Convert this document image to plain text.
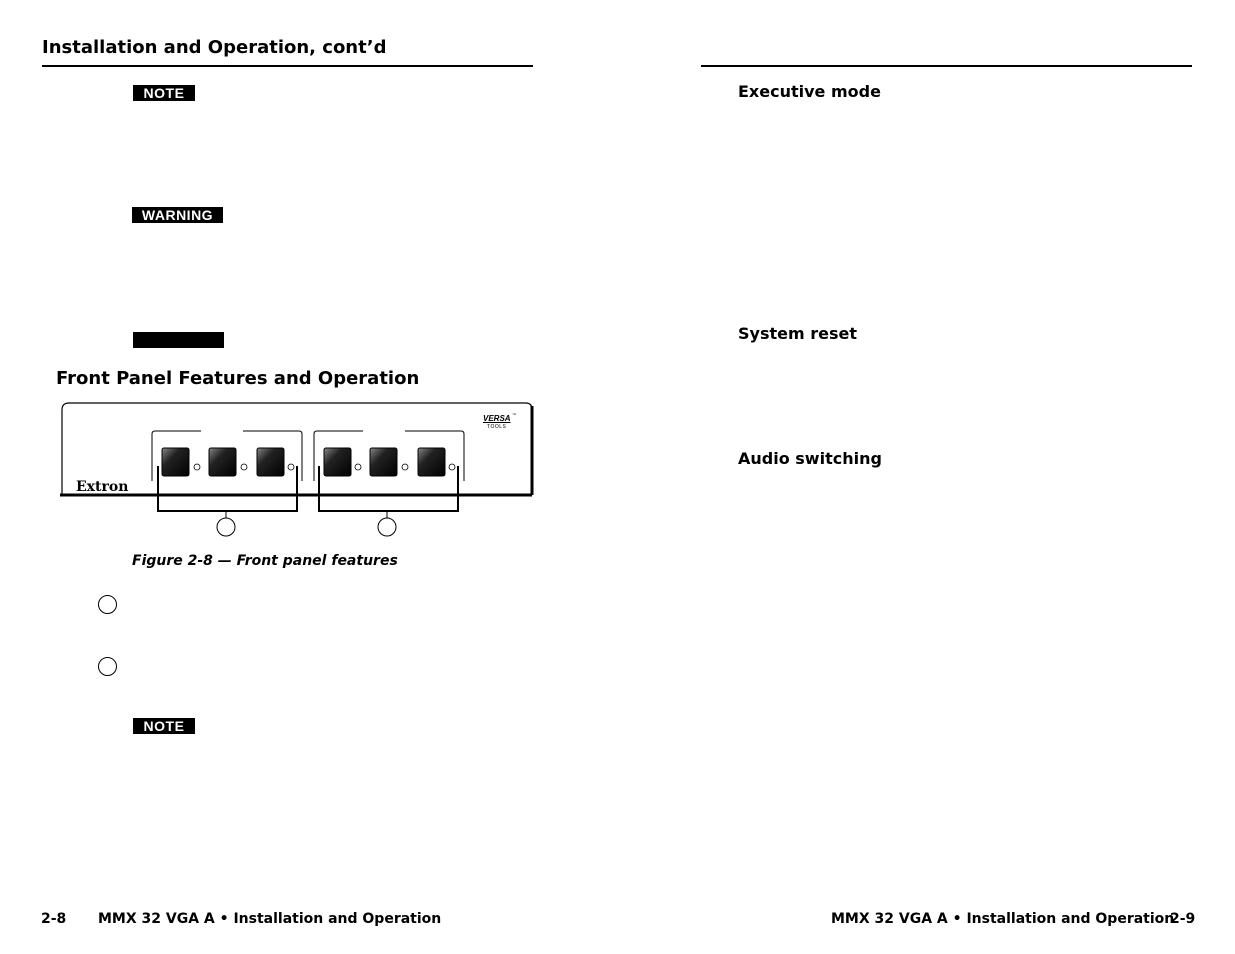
Installation and Operation, cont’d
NOTE
WARNING
Front Panel Features and Operation
Extron
VERSA ™
TOOLS
Figure 2-8 — Front panel features
NOTE
Executive mode
System reset
Audio switching
2-8 MMX 32 VGA A • Installation and Operation	MMX 32 VGA A • Installation and Operation
2-9
